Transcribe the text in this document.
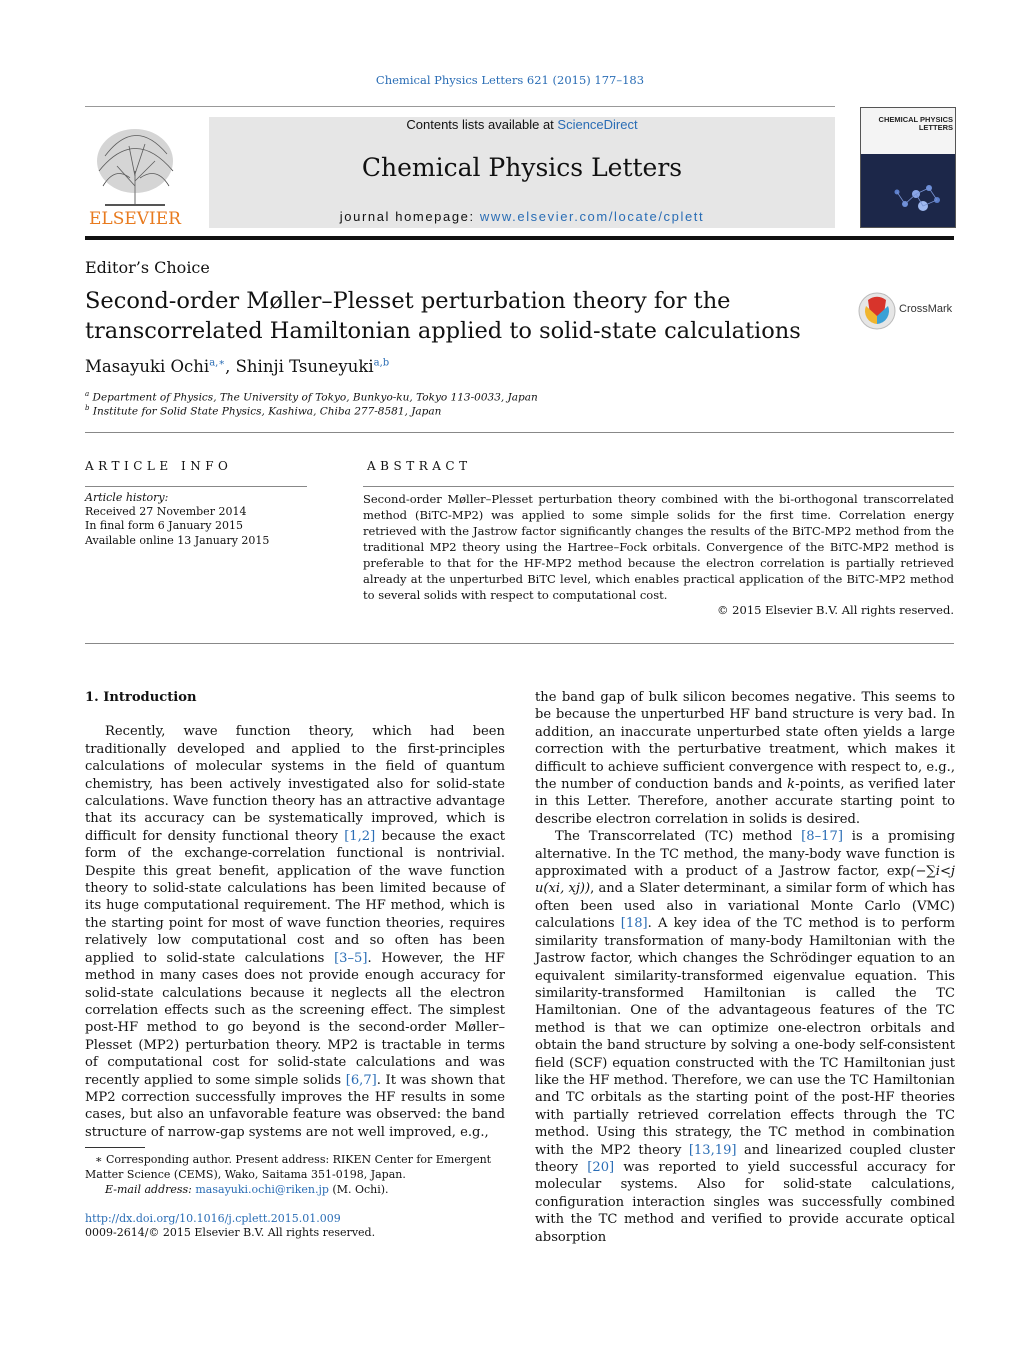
Chemical Physics Letters 621 (2015) 177–183
ELSEVIER
Contents lists available at ScienceDirect
Chemical Physics Letters
journal homepage: www.elsevier.com/locate/cplett
CHEMICAL PHYSICS LETTERS
Editor’s Choice
Second-order Møller–Plesset perturbation theory for the
transcorrelated Hamiltonian applied to solid-state calculations
CrossMark
Masayuki Ochi$^{a,∗}$, Shinji Tsuneyuki$^{a,b}$
$^a$ Department of Physics, The University of Tokyo, Bunkyo-ku, Tokyo 113-0033, Japan
$^b$ Institute for Solid State Physics, Kashiwa, Chiba 277-8581, Japan
ARTICLE INFO
Article history:
Received 27 November 2014
In final form 6 January 2015
Available online 13 January 2015
ABSTRACT
Second-order Møller–Plesset perturbation theory combined with the bi-orthogonal transcorrelated method (BiTC-MP2) was applied to some simple solids for the first time. Correlation energy retrieved with the Jastrow factor significantly changes the results of the BiTC-MP2 method from the traditional MP2 theory using the Hartree–Fock orbitals. Convergence of the BiTC-MP2 method is preferable to that for the HF-MP2 method because the electron correlation is partially retrieved already at the unperturbed BiTC level, which enables practical application of the BiTC-MP2 method to several solids with respect to computational cost.
© 2015 Elsevier B.V. All rights reserved.

1. Introduction

Recently, wave function theory, which had been traditionally developed and applied to the first-principles calculations of molecular systems in the field of quantum chemistry, has been actively investigated also for solid-state calculations. Wave function theory has an attractive advantage that its accuracy can be systematically improved, which is difficult for density functional theory [1,2] because the exact form of the exchange-correlation functional is nontrivial. Despite this great benefit, application of the wave function theory to solid-state calculations has been limited because of its huge computational requirement. The HF method, which is the starting point for most of wave function theories, requires relatively low computational cost and so often has been applied to solid-state calculations [3–5]. However, the HF method in many cases does not provide enough accuracy for solid-state calculations because it neglects all the electron correlation effects such as the screening effect. The simplest post-HF method to go beyond is the second-order Møller–Plesset (MP2) perturbation theory. MP2 is tractable in terms of computational cost for solid-state calculations and was recently applied to some simple solids [6,7]. It was shown that MP2 correction successfully improves the HF results in some cases, but also an unfavorable feature was observed: the band structure of narrow-gap systems are not well improved, e.g.,

the band gap of bulk silicon becomes negative. This seems to be because the unperturbed HF band structure is very bad. In addition, an inaccurate unperturbed state often yields a large correction with the perturbative treatment, which makes it difficult to achieve sufficient convergence with respect to, e.g., the number of conduction bands and k-points, as verified later in this Letter. Therefore, another accurate starting point to describe electron correlation in solids is desired.

The Transcorrelated (TC) method [8–17] is a promising alternative. In the TC method, the many-body wave function is approximated with a product of a Jastrow factor, exp(−∑i<j u(xi, xj)), and a Slater determinant, a similar form of which has often been used also in variational Monte Carlo (VMC) calculations [18]. A key idea of the TC method is to perform similarity transformation of many-body Hamiltonian with the Jastrow factor, which changes the Schrödinger equation to an equivalent similarity-transformed eigenvalue equation. This similarity-transformed Hamiltonian is called the TC Hamiltonian. One of the advantageous features of the TC method is that we can optimize one-electron orbitals and obtain the band structure by solving a one-body self-consistent field (SCF) equation constructed with the TC Hamiltonian just like the HF method. Therefore, we can use the TC Hamiltonian and TC orbitals as the starting point of the post-HF theories with partially retrieved correlation effects through the TC method. Using this strategy, the TC method in combination with the MP2 theory [13,19] and linearized coupled cluster theory [20] was reported to yield successful accuracy for molecular systems. Also for solid-state calculations, configuration interaction singles was successfully combined with the TC method and verified to provide accurate optical absorption

∗ Corresponding author. Present address: RIKEN Center for Emergent Matter Science (CEMS), Wako, Saitama 351-0198, Japan.
E-mail address: masayuki.ochi@riken.jp (M. Ochi).
http://dx.doi.org/10.1016/j.cplett.2015.01.009
0009-2614/© 2015 Elsevier B.V. All rights reserved.
